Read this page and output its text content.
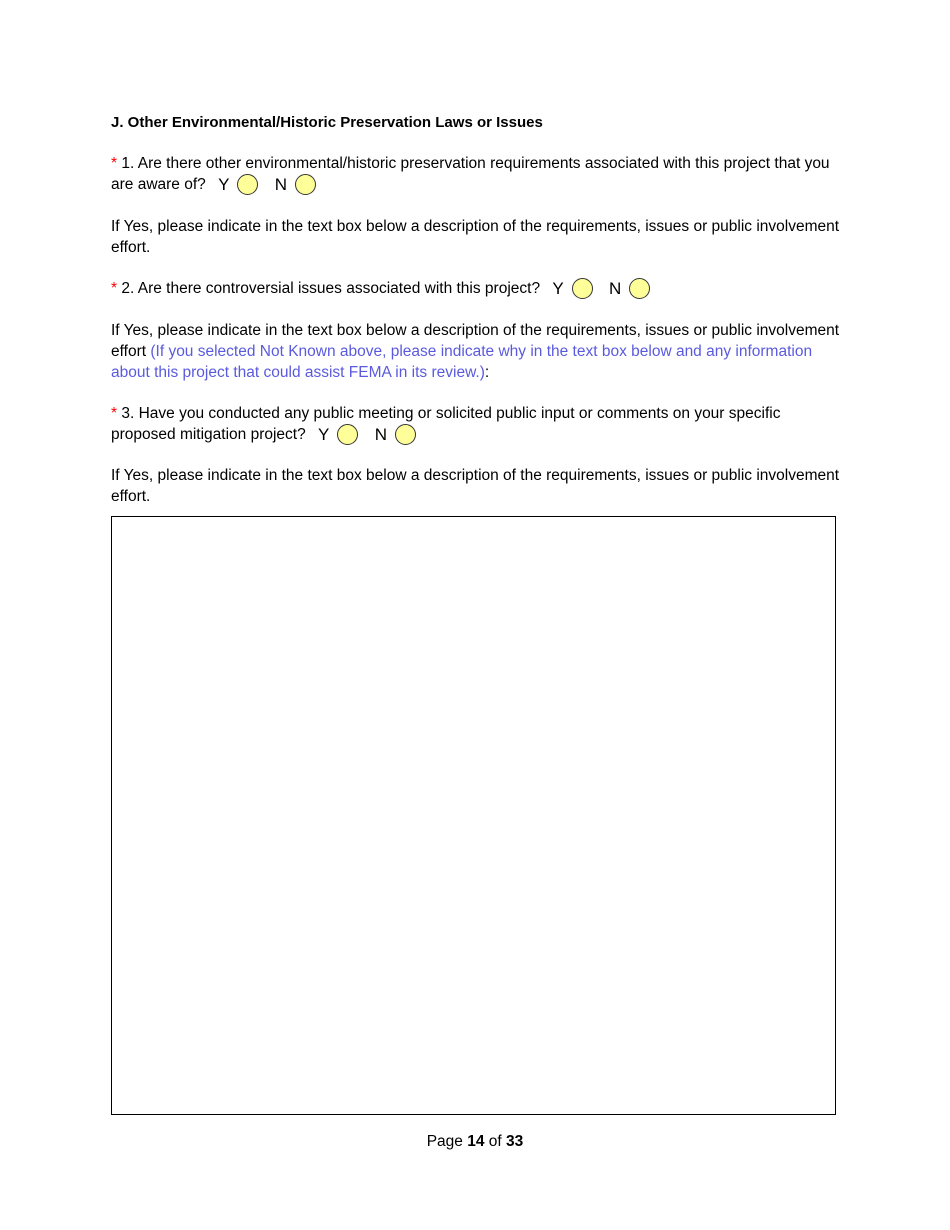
J. Other Environmental/Historic Preservation Laws or Issues
* 1. Are there other environmental/historic preservation requirements associated with this project that you are aware of? Y	N
If Yes, please indicate in the text box below a description of the requirements, issues or public involvement effort.
* 2. Are there controversial issues associated with this project? Y	N
If Yes, please indicate in the text box below a description of the requirements, issues or public involvement effort (If you selected Not Known above, please indicate why in the text box below and any information about this project that could assist FEMA in its review.):
* 3. Have you conducted any public meeting or solicited public input or comments on your specific proposed mitigation project? Y	N
If Yes, please indicate in the text box below a description of the requirements, issues or public involvement effort.
Page 14 of 33
